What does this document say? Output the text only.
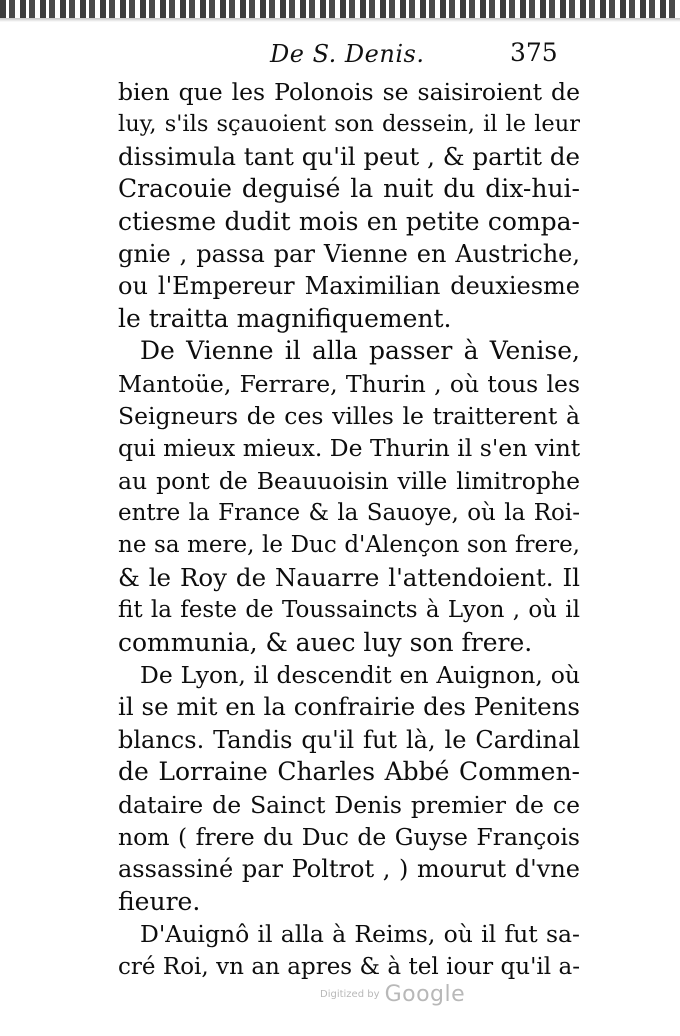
De S. Denis.	375
bien que les Polonois se saisiroient de
luy, s'ils sçauoient son dessein, il le leur
dissimula tant qu'il peut , & partit de
Cracouie deguisé la nuit du dix-hui-
ctiesme dudit mois en petite compa-
gnie , passa par Vienne en Austriche,
ou l'Empereur Maximilian deuxiesme
le traitta magnifiquement.
De Vienne il alla passer à Venise,
Mantoüe, Ferrare, Thurin , où tous les
Seigneurs de ces villes le traitterent à
qui mieux mieux. De Thurin il s'en vint
au pont de Beauuoisin ville limitrophe
entre la France & la Sauoye, où la Roi-
ne sa mere, le Duc d'Alençon son frere,
& le Roy de Nauarre l'attendoient. Il
fit la feste de Toussaincts à Lyon , où il
communia, & auec luy son frere.
De Lyon, il descendit en Auignon, où
il se mit en la confrairie des Penitens
blancs. Tandis qu'il fut là, le Cardinal
de Lorraine Charles Abbé Commen-
dataire de Sainct Denis premier de ce
nom ( frere du Duc de Guyse François
assassiné par Poltrot , ) mourut d'vne
fieure.
D'Auignô il alla à Reims, où il fut sa-
cré Roi, vn an apres & à tel iour qu'il a-
Digitized by Google
